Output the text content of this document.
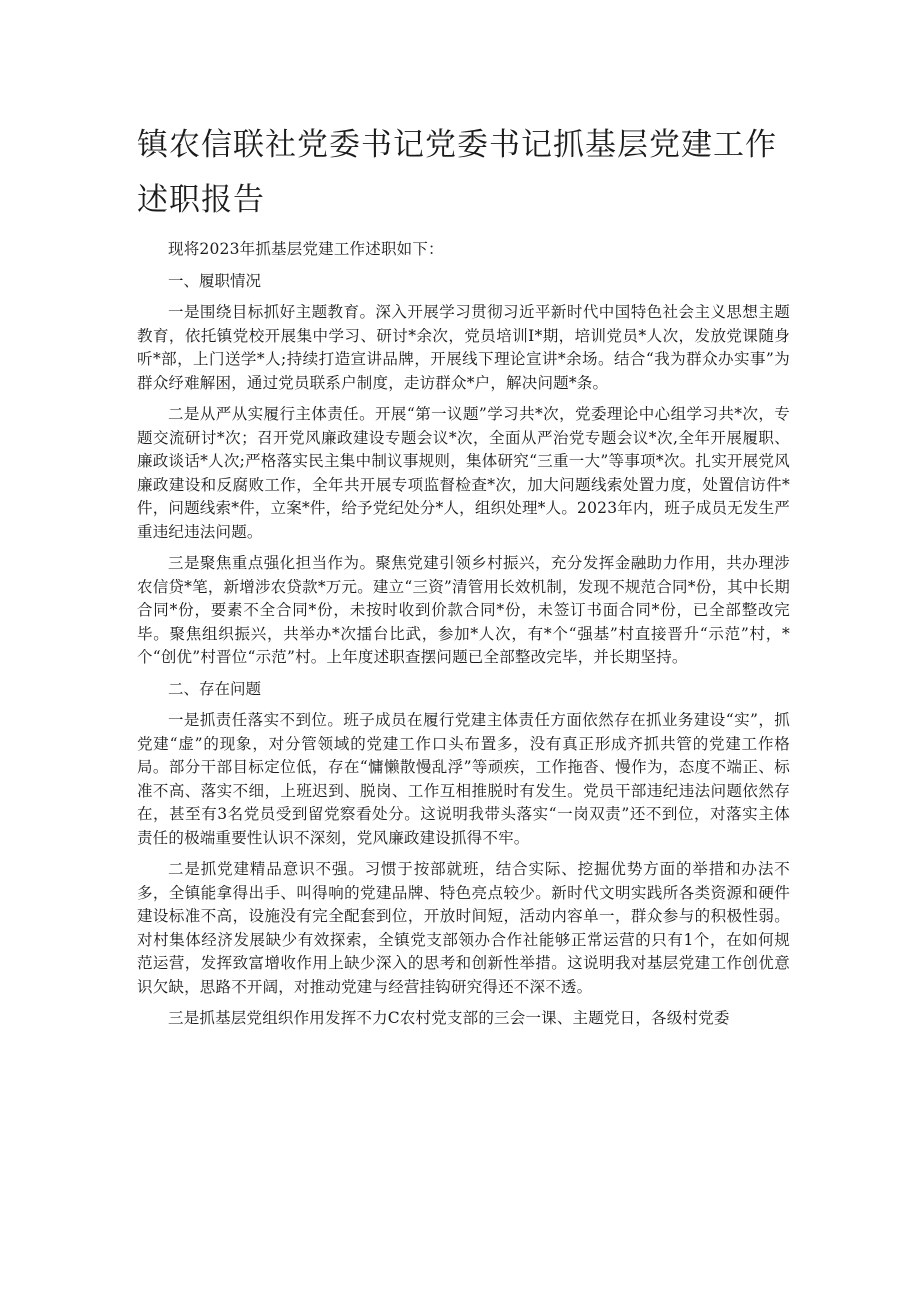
镇农信联社党委书记党委书记抓基层党建工作述职报告

现将2023年抓基层党建工作述职如下：

一、履职情况

一是围绕目标抓好主题教育。深入开展学习贯彻习近平新时代中国特色社会主义思想主题教育，依托镇党校开展集中学习、研讨*余次，党员培训I*期，培训党员*人次，发放党课随身听*部，上门送学*人;持续打造宣讲品牌，开展线下理论宣讲*余场。结合“我为群众办实事”为群众纾难解困，通过党员联系户制度，走访群众*户，解决问题*条。

二是从严从实履行主体责任。开展“第一议题”学习共*次，党委理论中心组学习共*次，专题交流研讨*次；召开党风廉政建设专题会议*次，全面从严治党专题会议*次,全年开展履职、廉政谈话*人次;严格落实民主集中制议事规则，集体研究“三重一大”等事项*次。扎实开展党风廉政建设和反腐败工作，全年共开展专项监督检查*次，加大问题线索处置力度，处置信访件*件，问题线索*件，立案*件，给予党纪处分*人，组织处理*人。2023年内，班子成员无发生严重违纪违法问题。

三是聚焦重点强化担当作为。聚焦党建引领乡村振兴，充分发挥金融助力作用，共办理涉农信贷*笔，新增涉农贷款*万元。建立“三资”清管用长效机制，发现不规范合同*份，其中长期合同*份，要素不全合同*份，未按时收到价款合同*份，未签订书面合同*份，已全部整改完毕。聚焦组织振兴，共举办*次擂台比武，参加*人次，有*个“强基”村直接晋升“示范”村，*个“创优”村晋位“示范”村。上年度述职查摆问题已全部整改完毕，并长期坚持。

二、存在问题

一是抓责任落实不到位。班子成员在履行党建主体责任方面依然存在抓业务建设“实”，抓党建“虚”的现象，对分管领域的党建工作口头布置多，没有真正形成齐抓共管的党建工作格局。部分干部目标定位低，存在“慵懒散慢乱浮”等顽疾，工作拖沓、慢作为，态度不端正、标准不高、落实不细，上班迟到、脱岗、工作互相推脱时有发生。党员干部违纪违法问题依然存在，甚至有3名党员受到留党察看处分。这说明我带头落实“一岗双责”还不到位，对落实主体责任的极端重要性认识不深刻，党风廉政建设抓得不牢。

二是抓党建精品意识不强。习惯于按部就班，结合实际、挖掘优势方面的举措和办法不多，全镇能拿得出手、叫得响的党建品牌、特色亮点较少。新时代文明实践所各类资源和硬件建设标准不高，设施没有完全配套到位，开放时间短，活动内容单一，群众参与的积极性弱。对村集体经济发展缺少有效探索，全镇党支部领办合作社能够正常运营的只有1个，在如何规范运营，发挥致富增收作用上缺少深入的思考和创新性举措。这说明我对基层党建工作创优意识欠缺，思路不开阔，对推动党建与经营挂钩研究得还不深不透。

三是抓基层党组织作用发挥不力C农村党支部的三会一课、主题党日，各级村党委
